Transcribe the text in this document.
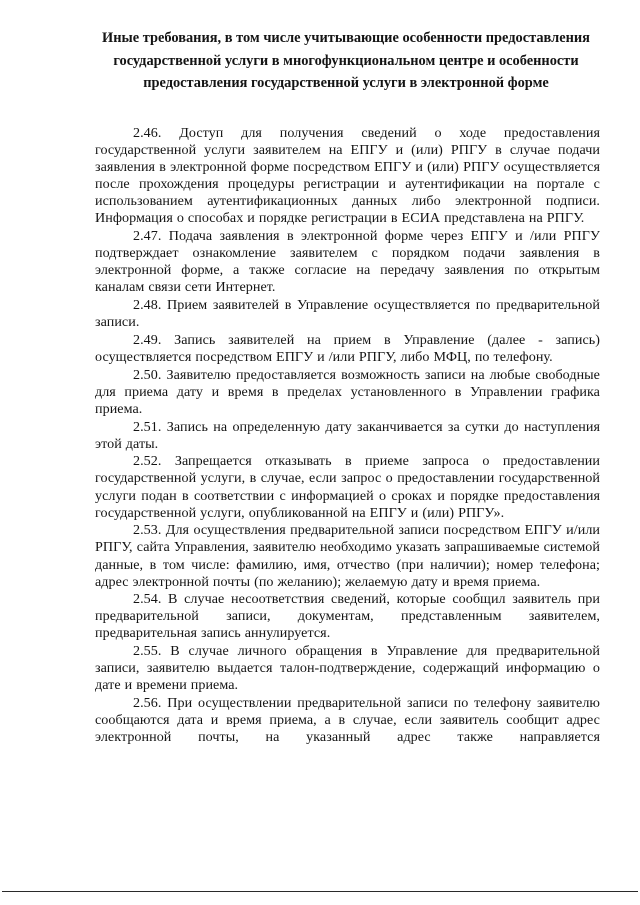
Иные требования, в том числе учитывающие особенности предоставления государственной услуги в многофункциональном центре и особенности предоставления государственной услуги в электронной форме

2.46. Доступ для получения сведений о ходе предоставления государственной услуги заявителем на ЕПГУ и (или) РПГУ в случае подачи заявления в электронной форме посредством ЕПГУ и (или) РПГУ осуществляется после прохождения процедуры регистрации и аутентификации на портале с использованием аутентификационных данных либо электронной подписи. Информация о способах и порядке регистрации в ЕСИА представлена на РПГУ.

2.47. Подача заявления в электронной форме через ЕПГУ и /или РПГУ подтверждает ознакомление заявителем с порядком подачи заявления в электронной форме, а также согласие на передачу заявления по открытым каналам связи сети Интернет.

2.48. Прием заявителей в Управление осуществляется по предварительной записи.

2.49. Запись заявителей на прием в Управление (далее - запись) осуществляется посредством ЕПГУ и /или РПГУ, либо МФЦ, по телефону.

2.50. Заявителю предоставляется возможность записи на любые свободные для приема дату и время в пределах установленного в Управлении графика приема.

2.51. Запись на определенную дату заканчивается за сутки до наступления этой даты.

2.52. Запрещается отказывать в приеме запроса о предоставлении государственной услуги, в случае, если запрос о предоставлении государственной услуги подан в соответствии с информацией о сроках и порядке предоставления государственной услуги, опубликованной на ЕПГУ и (или) РПГУ».

2.53. Для осуществления предварительной записи посредством ЕПГУ и/или РПГУ, сайта Управления, заявителю необходимо указать запрашиваемые системой данные, в том числе: фамилию, имя, отчество (при наличии); номер телефона; адрес электронной почты (по желанию); желаемую дату и время приема.

2.54. В случае несоответствия сведений, которые сообщил заявитель при предварительной записи, документам, представленным заявителем, предварительная запись аннулируется.

2.55. В случае личного обращения в Управление для предварительной записи, заявителю выдается талон-подтверждение, содержащий информацию о дате и времени приема.

2.56. При осуществлении предварительной записи по телефону заявителю сообщаются дата и время приема, а в случае, если заявитель сообщит адрес электронной почты, на указанный адрес также направляется
